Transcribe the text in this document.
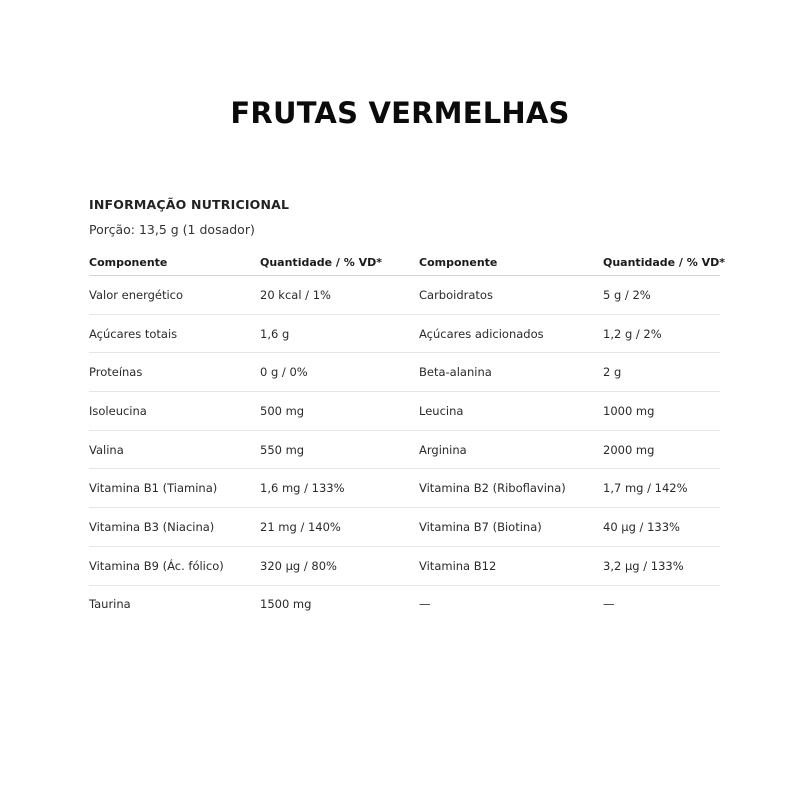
FRUTAS VERMELHAS
INFORMAÇÃO NUTRICIONAL
Porção: 13,5 g (1 dosador)
Componente	Quantidade / % VD*	Componente	Quantidade / % VD*
Valor energético	20 kcal / 1%	Carboidratos	5 g / 2%
Açúcares totais	1,6 g	Açúcares adicionados	1,2 g / 2%
Proteínas	0 g / 0%	Beta-alanina	2 g
Isoleucina	500 mg	Leucina	1000 mg
Valina	550 mg	Arginina	2000 mg
Vitamina B1 (Tiamina)	1,6 mg / 133%	Vitamina B2 (Riboflavina)	1,7 mg / 142%
Vitamina B3 (Niacina)	21 mg / 140%	Vitamina B7 (Biotina)	40 µg / 133%
Vitamina B9 (Ác. fólico)	320 µg / 80%	Vitamina B12	3,2 µg / 133%
Taurina	1500 mg	—	—
